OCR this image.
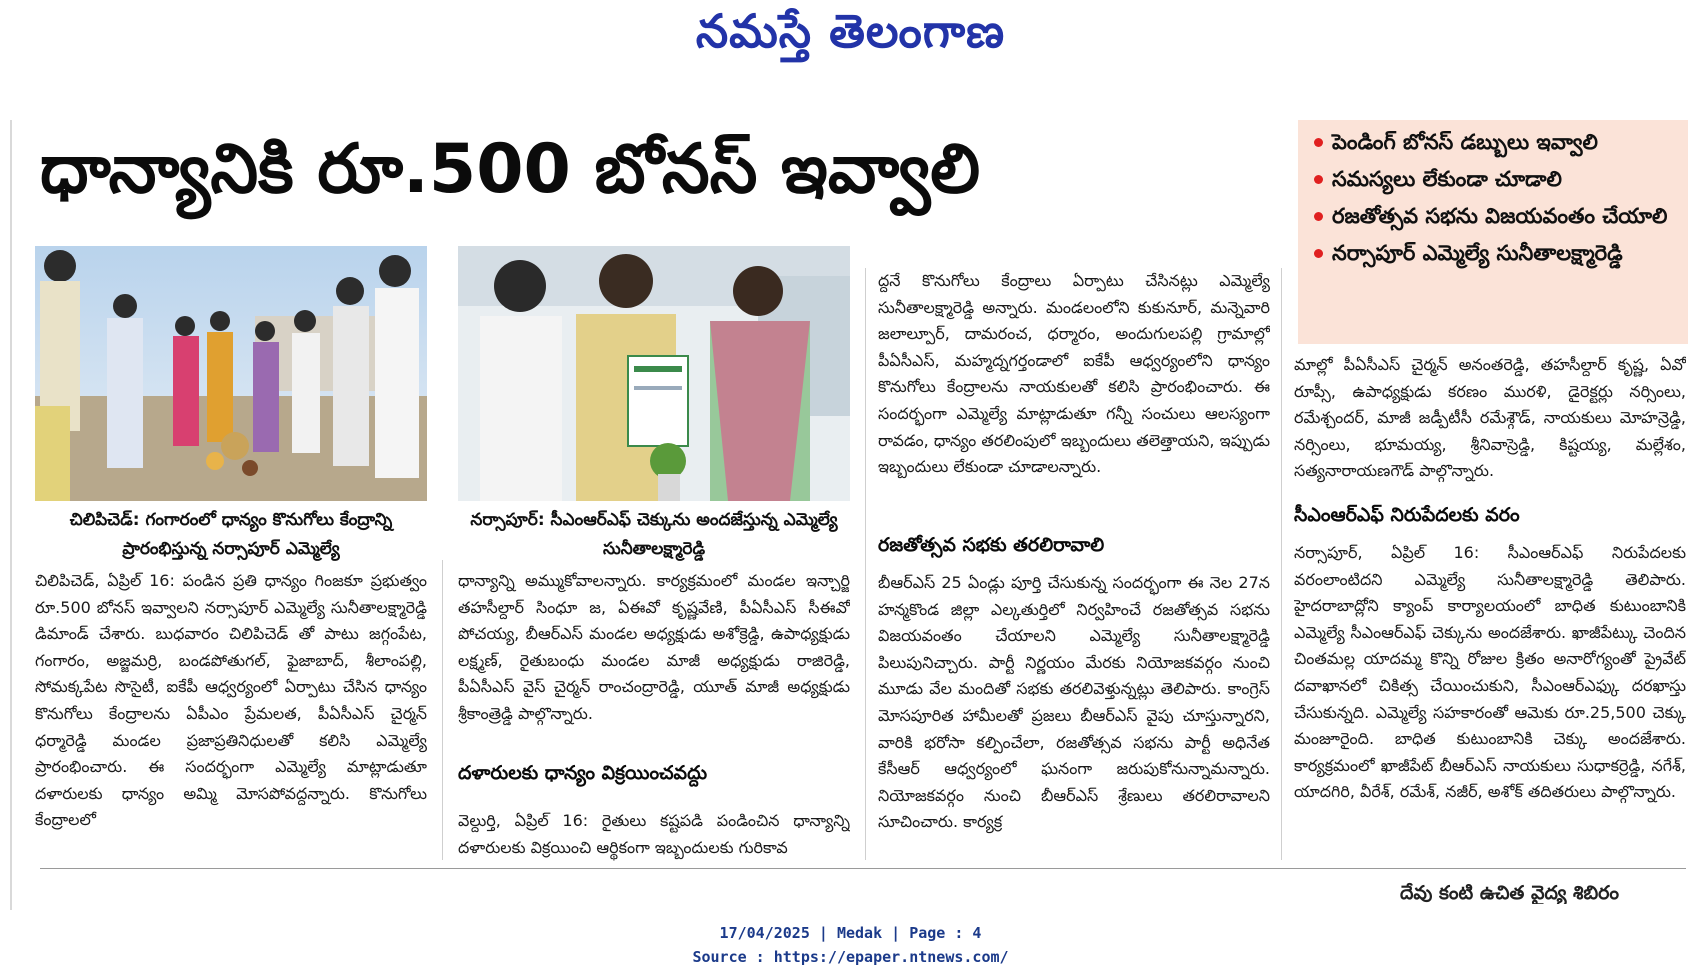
నమస్తే తెలంగాణ
ధాన్యానికి రూ.500 బోనస్ ఇవ్వాలి	పెండింగ్ బోనస్ డబ్బులు ఇవ్వాలి
సమస్యలు లేకుండా చూడాలి
రజతోత్సవ సభను విజయవంతం చేయాలి
నర్సాపూర్ ఎమ్మెల్యే సునీతాలక్ష్మారెడ్డి
చిలిపిచెడ్: గంగారంలో ధాన్యం కొనుగోలు కేంద్రాన్ని ప్రారంభిస్తున్న నర్సాపూర్ ఎమ్మెల్యే
నర్సాపూర్: సీఎంఆర్ఎఫ్ చెక్కును అందజేస్తున్న ఎమ్మెల్యే సునీతాలక్ష్మారెడ్డి
చిలిపిచెడ్, ఏప్రిల్ 16: పండిన ప్రతి ధాన్యం గింజకూ ప్రభుత్వం రూ.500 బోనస్ ఇవ్వాలని నర్సాపూర్ ఎమ్మెల్యే సునీతాలక్ష్మారెడ్డి డిమాండ్ చేశారు. బుధవారం చిలిపిచెడ్ తో పాటు జగ్గంపేట, గంగారం, అజ్జమర్రి, బండపోతుగల్, ఫైజాబాద్, శీలాంపల్లి, సోమక్కపేట సొసైటీ, ఐకేపీ ఆధ్వర్యంలో ఏర్పాటు చేసిన ధాన్యం కొనుగోలు కేంద్రాలను ఏపీఎం ప్రేమలత, పీఏసీఎస్ చైర్మన్ ధర్మారెడ్డి మండల ప్రజాప్రతినిధులతో కలిసి ఎమ్మెల్యే ప్రారంభించారు. ఈ సందర్భంగా ఎమ్మెల్యే మాట్లాడుతూ దళారులకు ధాన్యం అమ్మి మోసపోవద్దన్నారు. కొనుగోలు కేంద్రాలలో
ధాన్యాన్ని అమ్ముకోవాలన్నారు. కార్యక్రమంలో మండల ఇన్చార్జి తహసీల్దార్ సింధూ జ, ఏఈవో కృష్ణవేణి, పీఏసీఎస్ సీఈవో పోచయ్య, బీఆర్ఎస్ మండల అధ్యక్షుడు అశోక్రెడ్డి, ఉపాధ్యక్షుడు లక్ష్మణ్, రైతుబంధు మండల మాజీ అధ్యక్షుడు రాజిరెడ్డి, పీఏసీఎస్ వైస్ చైర్మన్ రాంచంద్రారెడ్డి, యూత్ మాజీ అధ్యక్షుడు శ్రీకాంత్రెడ్డి పాల్గొన్నారు.
దళారులకు ధాన్యం విక్రయించవద్దు
వెల్దుర్తి, ఏప్రిల్ 16: రైతులు కష్టపడి పండించిన ధాన్యాన్ని దళారులకు విక్రయించి ఆర్థికంగా ఇబ్బందులకు గురికావ
ద్దనే కొనుగోలు కేంద్రాలు ఏర్పాటు చేసినట్లు ఎమ్మెల్యే సునీతాలక్ష్మారెడ్డి అన్నారు. మండలంలోని కుకునూర్, మన్నెవారి జలాల్పూర్, దామరంచ, ధర్మారం, అందుగులపల్లి గ్రామాల్లో పీఏసీఎస్, మహ్మద్నగర్తండాలో ఐకేపీ ఆధ్వర్యంలోని ధాన్యం కొనుగోలు కేంద్రాలను నాయకులతో కలిసి ప్రారంభించారు. ఈ సందర్భంగా ఎమ్మెల్యే మాట్లాడుతూ గన్నీ సంచులు ఆలస్యంగా రావడం, ధాన్యం తరలింపులో ఇబ్బందులు తలెత్తాయని, ఇప్పుడు ఇబ్బందులు లేకుండా చూడాలన్నారు.
రజతోత్సవ సభకు తరలిరావాలి
బీఆర్ఎస్ 25 ఏండ్లు పూర్తి చేసుకున్న సందర్భంగా ఈ నెల 27న హన్మకొండ జిల్లా ఎల్కతుర్తిలో నిర్వహించే రజతోత్సవ సభను విజయవంతం చేయాలని ఎమ్మెల్యే సునీతాలక్ష్మారెడ్డి పిలుపునిచ్చారు. పార్టీ నిర్ణయం మేరకు నియోజకవర్గం నుంచి మూడు వేల మందితో సభకు తరలివెళ్తున్నట్లు తెలిపారు. కాంగ్రెస్ మోసపూరిత హామీలతో ప్రజలు బీఆర్ఎస్ వైపు చూస్తున్నారని, వారికి భరోసా కల్పించేలా, రజతోత్సవ సభను పార్టీ అధినేత కేసీఆర్ ఆధ్వర్యంలో ఘనంగా జరుపుకోనున్నామన్నారు. నియోజకవర్గం నుంచి బీఆర్ఎస్ శ్రేణులు తరలిరావాలని సూచించారు. కార్యక్ర
మాల్లో పీఏసీఎస్ చైర్మన్ అనంతరెడ్డి, తహసీల్దార్ కృష్ణ, ఏవో రూప్సీ, ఉపాధ్యక్షుడు కరణం మురళి, డైరెక్టర్లు నర్సింలు, రమేశ్చందర్, మాజీ జడ్పీటీసీ రమేశ్గౌడ్, నాయకులు మోహన్రెడ్డి, నర్సింలు, భూమయ్య, శ్రీనివాస్రెడ్డి, కిష్టయ్య, మల్లేశం, సత్యనారాయణగౌడ్ పాల్గొన్నారు.
సీఎంఆర్ఎఫ్ నిరుపేదలకు వరం
నర్సాపూర్, ఏప్రిల్ 16: సీఎంఆర్ఎఫ్ నిరుపేదలకు వరంలాంటిదని ఎమ్మెల్యే సునీతాలక్ష్మారెడ్డి తెలిపారు. హైదరాబాద్లోని క్యాంప్ కార్యాలయంలో బాధిత కుటుంబానికి ఎమ్మెల్యే సీఎంఆర్ఎఫ్ చెక్కును అందజేశారు. ఖాజీపేట్కు చెందిన చింతమల్ల యాదమ్మ కొన్ని రోజుల క్రితం అనారోగ్యంతో ప్రైవేట్ దవాఖానలో చికిత్స చేయించుకుని, సీఎంఆర్ఎఫ్కు దరఖాస్తు చేసుకున్నది. ఎమ్మెల్యే సహకారంతో ఆమెకు రూ.25,500 చెక్కు మంజూరైంది. బాధిత కుటుంబానికి చెక్కు అందజేశారు. కార్యక్రమంలో ఖాజీపేట్ బీఆర్ఎస్ నాయకులు సుధాకర్రెడ్డి, నగేశ్, యాదగిరి, వీరేశ్, రమేశ్, నజీర్, అశోక్ తదితరులు పాల్గొన్నారు.
దేవు కంటి ఉచిత వైద్య శిబిరం
17/04/2025 | Medak | Page : 4
Source : https://epaper.ntnews.com/
